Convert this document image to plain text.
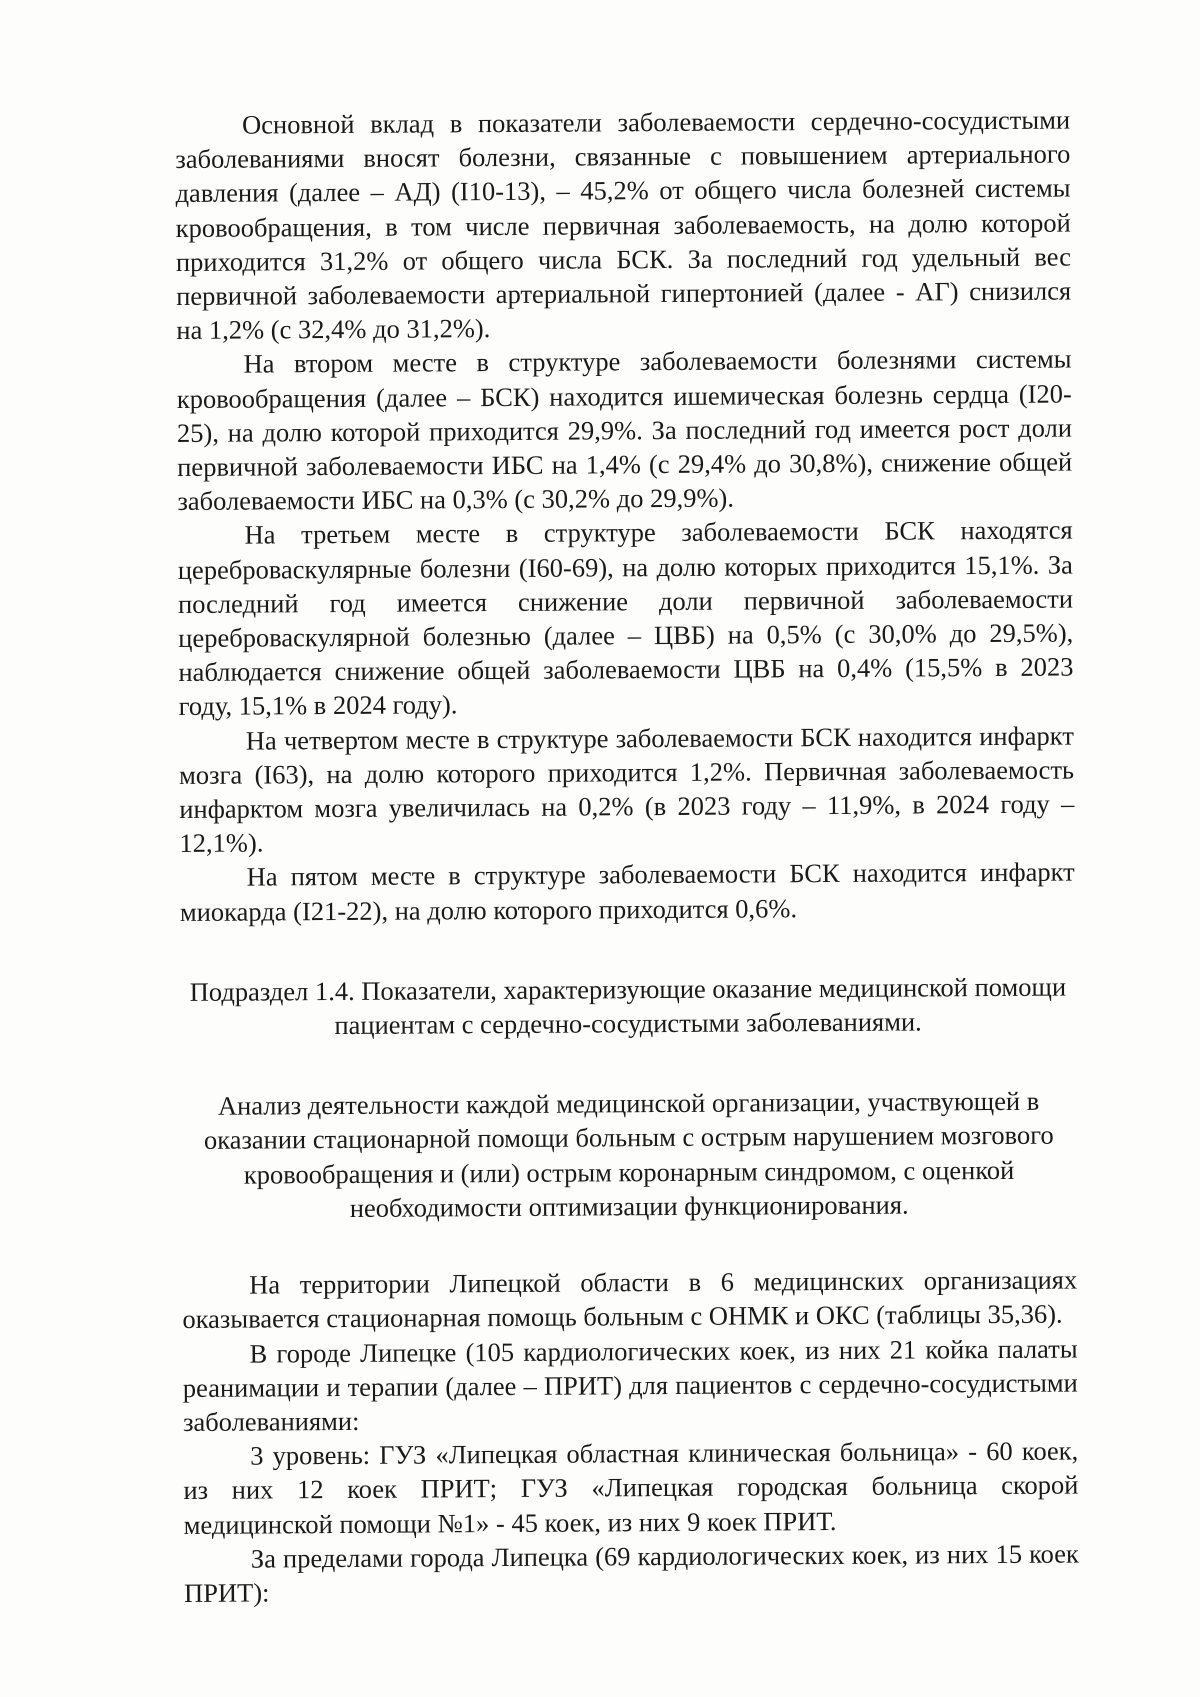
Основной вклад в показатели заболеваемости сердечно-сосудистыми заболеваниями вносят болезни, связанные с повышением артериального давления (далее – АД) (I10-13), – 45,2% от общего числа болезней системы кровообращения, в том числе первичная заболеваемость, на долю которой приходится 31,2% от общего числа БСК. За последний год удельный вес первичной заболеваемости артериальной гипертонией (далее - АГ) снизился на 1,2% (с 32,4% до 31,2%).

На втором месте в структуре заболеваемости болезнями системы кровообращения (далее – БСК) находится ишемическая болезнь сердца (I20-25), на долю которой приходится 29,9%. За последний год имеется рост доли первичной заболеваемости ИБС на 1,4% (с 29,4% до 30,8%), снижение общей заболеваемости ИБС на 0,3% (с 30,2% до 29,9%).

На третьем месте в структуре заболеваемости БСК находятся цереброваскулярные болезни (I60-69), на долю которых приходится 15,1%. За последний год имеется снижение доли первичной заболеваемости цереброваскулярной болезнью (далее – ЦВБ) на 0,5% (с 30,0% до 29,5%), наблюдается снижение общей заболеваемости ЦВБ на 0,4% (15,5% в 2023 году, 15,1% в 2024 году).

На четвертом месте в структуре заболеваемости БСК находится инфаркт мозга (I63), на долю которого приходится 1,2%. Первичная заболеваемость инфарктом мозга увеличилась на 0,2% (в 2023 году – 11,9%, в 2024 году – 12,1%).

На пятом месте в структуре заболеваемости БСК находится инфаркт миокарда (I21-22), на долю которого приходится 0,6%.

Подраздел 1.4. Показатели, характеризующие оказание медицинской помощи пациентам с сердечно-сосудистыми заболеваниями.

Анализ деятельности каждой медицинской организации, участвующей в оказании стационарной помощи больным с острым нарушением мозгового кровообращения и (или) острым коронарным синдромом, с оценкой необходимости оптимизации функционирования.

На территории Липецкой области в 6 медицинских организациях оказывается стационарная помощь больным с ОНМК и ОКС (таблицы 35,36).

В городе Липецке (105 кардиологических коек, из них 21 койка палаты реанимации и терапии (далее – ПРИТ) для пациентов с сердечно-сосудистыми заболеваниями:

3 уровень: ГУЗ «Липецкая областная клиническая больница» - 60 коек, из них 12 коек ПРИТ; ГУЗ «Липецкая городская больница скорой медицинской помощи №1» - 45 коек, из них 9 коек ПРИТ.

За пределами города Липецка (69 кардиологических коек, из них 15 коек ПРИТ):
